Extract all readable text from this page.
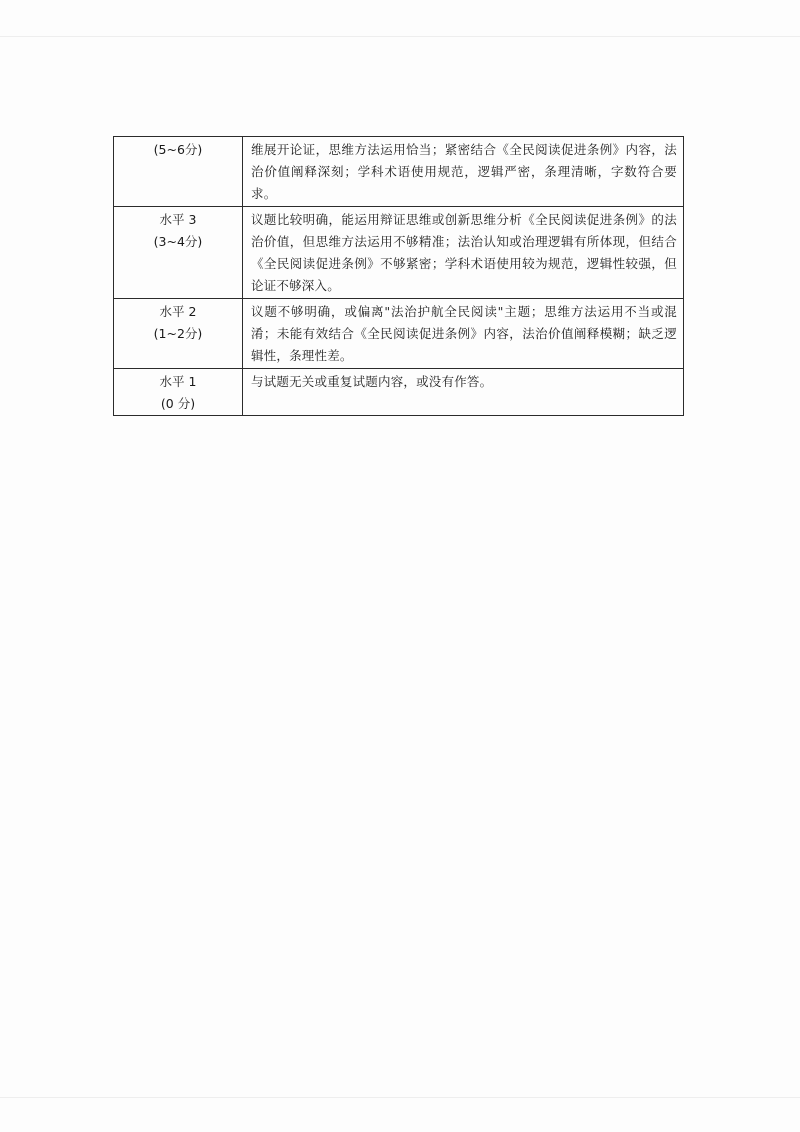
(5~6分)	维展开论证，思维方法运用恰当；紧密结合《全民阅读促进条例》内容，法治价值阐释深刻；学科术语使用规范，逻辑严密，条理清晰，字数符合要求。

水平 3
(3~4分)	议题比较明确，能运用辩证思维或创新思维分析《全民阅读促进条例》的法治价值，但思维方法运用不够精准；法治认知或治理逻辑有所体现，但结合《全民阅读促进条例》不够紧密；学科术语使用较为规范，逻辑性较强，但论证不够深入。

水平 2
(1~2分)	议题不够明确，或偏离"法治护航全民阅读"主题；思维方法运用不当或混淆；未能有效结合《全民阅读促进条例》内容，法治价值阐释模糊；缺乏逻辑性，条理性差。

水平 1
(0 分)	与试题无关或重复试题内容，或没有作答。
